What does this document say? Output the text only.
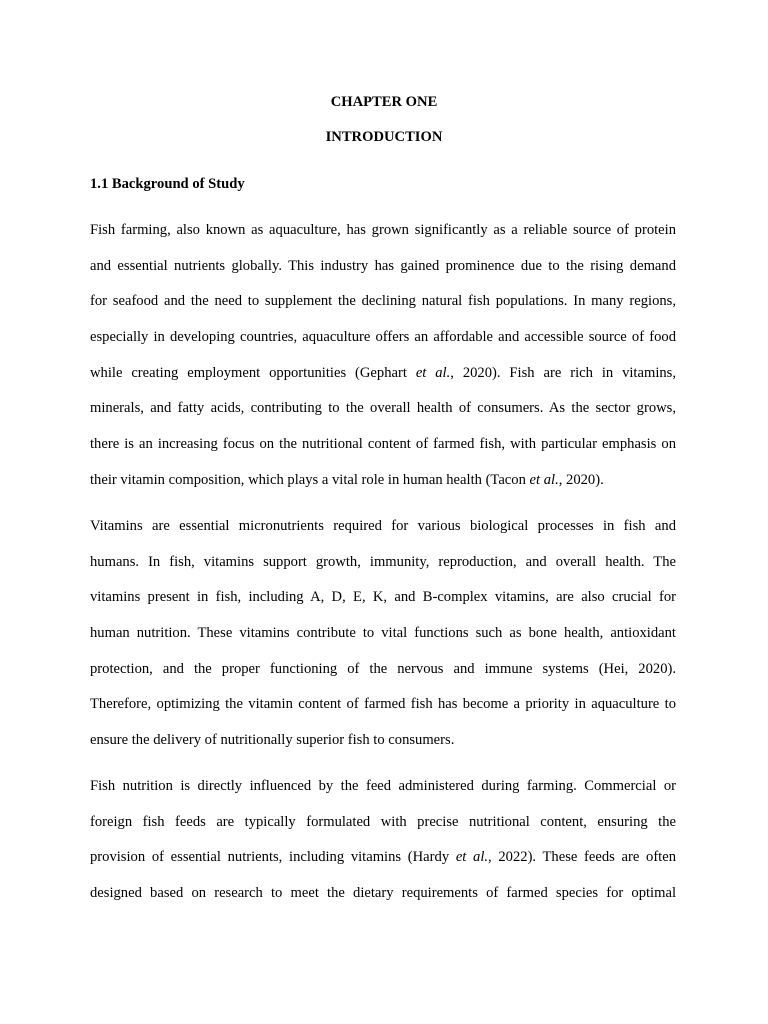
CHAPTER ONE

INTRODUCTION

1.1 Background of Study

Fish farming, also known as aquaculture, has grown significantly as a reliable source of protein
and essential nutrients globally. This industry has gained prominence due to the rising demand
for seafood and the need to supplement the declining natural fish populations. In many regions,
especially in developing countries, aquaculture offers an affordable and accessible source of food
while creating employment opportunities (Gephart et al., 2020). Fish are rich in vitamins,
minerals, and fatty acids, contributing to the overall health of consumers. As the sector grows,
there is an increasing focus on the nutritional content of farmed fish, with particular emphasis on
their vitamin composition, which plays a vital role in human health (Tacon et al., 2020).
Vitamins are essential micronutrients required for various biological processes in fish and
humans. In fish, vitamins support growth, immunity, reproduction, and overall health. The
vitamins present in fish, including A, D, E, K, and B-complex vitamins, are also crucial for
human nutrition. These vitamins contribute to vital functions such as bone health, antioxidant
protection, and the proper functioning of the nervous and immune systems (Hei, 2020).
Therefore, optimizing the vitamin content of farmed fish has become a priority in aquaculture to
ensure the delivery of nutritionally superior fish to consumers.
Fish nutrition is directly influenced by the feed administered during farming. Commercial or
foreign fish feeds are typically formulated with precise nutritional content, ensuring the
provision of essential nutrients, including vitamins (Hardy et al., 2022). These feeds are often
designed based on research to meet the dietary requirements of farmed species for optimal
